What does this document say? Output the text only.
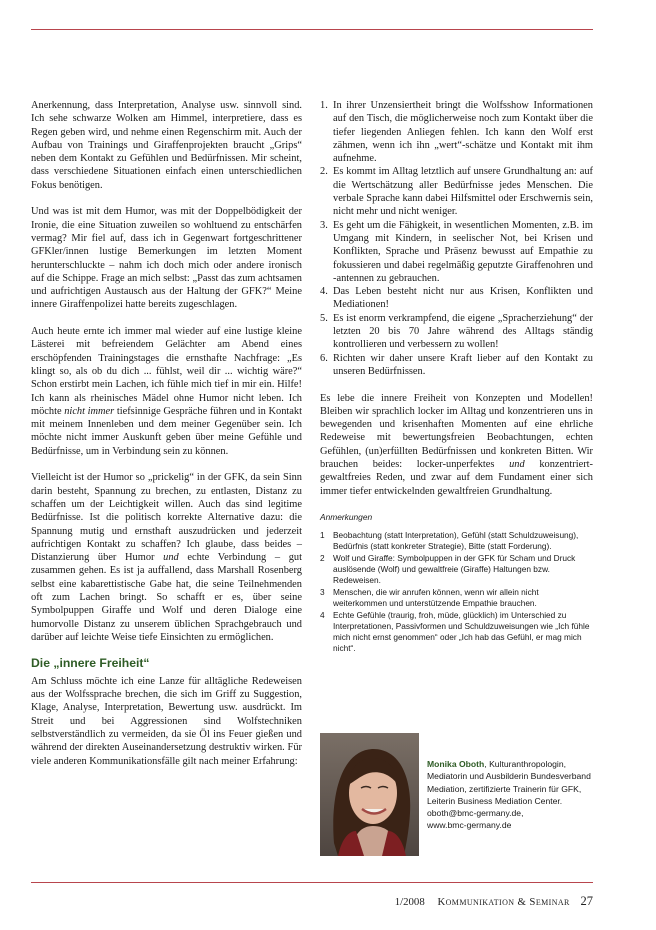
Anerkennung, dass Interpretation, Analyse usw. sinnvoll sind. Ich sehe schwarze Wolken am Himmel, interpretiere, dass es Regen geben wird, und nehme einen Regenschirm mit. Auch der Aufbau von Trainings und Giraffenprojekten braucht „Grips“ neben dem Kontakt zu Gefühlen und Bedürfnissen. Mir scheint, dass verschiedene Situationen einfach einen unterschiedlichen Fokus benötigen.

Und was ist mit dem Humor, was mit der Doppelbödigkeit der Ironie, die eine Situation zuweilen so wohltuend zu entschärfen vermag? Mir fiel auf, dass ich in Gegenwart fortgeschrittener GFKler/innen lustige Bemerkungen im letzten Moment herunterschluckte – nahm ich doch mich oder andere ironisch auf die Schippe. Frage an mich selbst: „Passt das zum achtsamen und aufrichtigen Austausch aus der Haltung der GFK?“ Meine innere Giraffenpolizei hatte bereits zugeschlagen.

Auch heute ernte ich immer mal wieder auf eine lustige kleine Lästerei mit befreiendem Gelächter am Abend eines erschöpfenden Trainingstages die ernsthafte Nachfrage: „Es klingt so, als ob du dich ... fühlst, weil dir ... wichtig wäre?“ Schon erstirbt mein Lachen, ich fühle mich tief in mir ein. Hilfe! Ich kann als rheinisches Mädel ohne Humor nicht leben. Ich möchte nicht immer tiefsinnige Gespräche führen und in Kontakt mit meinem Innenleben und dem meiner Gegenüber sein. Ich möchte nicht immer Auskunft geben über meine Gefühle und Bedürfnisse, um in Verbindung sein zu können.

Vielleicht ist der Humor so „prickelig“ in der GFK, da sein Sinn darin besteht, Spannung zu brechen, zu entlasten, Distanz zu schaffen um der Leichtigkeit willen. Auch das sind legitime Bedürfnisse. Ist die politisch korrekte Alternative dazu: die Spannung mutig und ernsthaft auszudrücken und jederzeit aufrichtigen Kontakt zu schaffen? Ich glaube, dass beides – Distanzierung über Humor und echte Verbindung – gut zusammen gehen. Es ist ja auffallend, dass Marshall Rosenberg selbst eine kabarettistische Gabe hat, die seine Teilnehmenden oft zum Lachen bringt. So schafft er es, über seine Symbolpuppen Giraffe und Wolf und deren Dialoge eine humorvolle Distanz zu unserem üblichen Sprachgebrauch und darüber auf leichte Weise tiefe Einsichten zu ermöglichen.

Die „innere Freiheit“

Am Schluss möchte ich eine Lanze für alltägliche Redeweisen aus der Wolfssprache brechen, die sich im Griff zu Suggestion, Klage, Analyse, Interpretation, Bewertung usw. ausdrückt. Im Streit und bei Aggressionen sind Wolfstechniken selbstverständlich zu vermeiden, da sie Öl ins Feuer gießen und während der direkten Auseinandersetzung destruktiv wirken. Für viele anderen Kommunikationsfälle gilt nach meiner Erfahrung:

1. In ihrer Unzensiertheit bringt die Wolfsshow Informationen auf den Tisch, die möglicherweise noch zum Kontakt über die tiefer liegenden Anliegen fehlen. Ich kann den Wolf erst zähmen, wenn ich ihn „wert“-schätze und Kontakt mit ihm aufnehme.
2. Es kommt im Alltag letztlich auf unsere Grundhaltung an: auf die Wertschätzung aller Bedürfnisse jedes Menschen. Die verbale Sprache kann dabei Hilfsmittel oder Erschwernis sein, nicht mehr und nicht weniger.
3. Es geht um die Fähigkeit, in wesentlichen Momenten, z.B. im Umgang mit Kindern, in seelischer Not, bei Krisen und Konflikten, Sprache und Präsenz bewusst auf Empathie zu fokussieren und dabei regelmäßig geputzte Giraffenohren und -antennen zu gebrauchen.
4. Das Leben besteht nicht nur aus Krisen, Konflikten und Mediationen!
5. Es ist enorm verkrampfend, die eigene „Spracherziehung“ der letzten 20 bis 70 Jahre während des Alltags ständig kontrollieren und verbessern zu wollen!
6. Richten wir daher unsere Kraft lieber auf den Kontakt zu unseren Bedürfnissen.

Es lebe die innere Freiheit von Konzepten und Modellen! Bleiben wir sprachlich locker im Alltag und konzentrieren uns in bewegenden und krisenhaften Momenten auf eine ehrliche Redeweise mit bewertungsfreien Beobachtungen, echten Gefühlen, (un)erfüllten Bedürfnissen und konkreten Bitten. Wir brauchen beides: locker-unperfektes und konzentriert-gewaltfreies Reden, und zwar auf dem Fundament einer sich immer tiefer entwickelnden gewaltfreien Grundhaltung.

Anmerkungen
1 Beobachtung (statt Interpretation), Gefühl (statt Schuldzuweisung), Bedürfnis (statt konkreter Strategie), Bitte (statt Forderung).
2 Wolf und Giraffe: Symbolpuppen in der GFK für Scham und Druck auslösende (Wolf) und gewaltfreie (Giraffe) Haltungen bzw. Redeweisen.
3 Menschen, die wir anrufen können, wenn wir allein nicht weiterkommen und unterstützende Empathie brauchen.
4 Echte Gefühle (traurig, froh, müde, glücklich) im Unterschied zu Interpretationen, Passivformen und Schuldzuweisungen wie „Ich fühle mich nicht ernst genommen“ oder „Ich hab das Gefühl, er mag mich nicht“.
Monika Oboth, Kulturanthropologin, Mediatorin und Ausbilderin Bundesverband Mediation, zertifizierte Trainerin für GFK, Leiterin Business Mediation Center.
oboth@bmc-germany.de,
www.bmc-germany.de
1/2008 Kommunikation & Seminar 27
